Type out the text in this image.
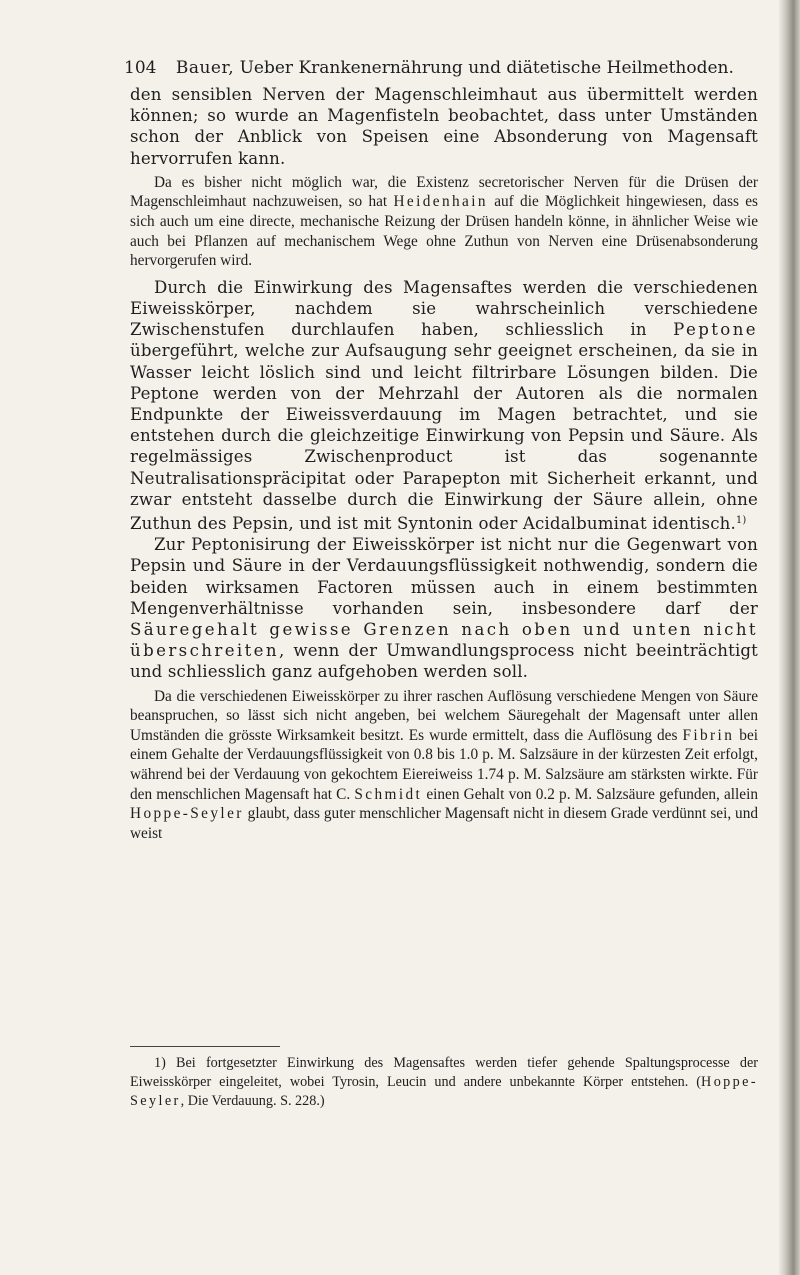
104 Bauer, Ueber Krankenernährung und diätetische Heilmethoden.

den sensiblen Nerven der Magenschleimhaut aus übermittelt werden können; so wurde an Magenfisteln beobachtet, dass unter Umständen schon der Anblick von Speisen eine Absonderung von Magensaft hervorrufen kann.

Da es bisher nicht möglich war, die Existenz secretorischer Nerven für die Drüsen der Magenschleimhaut nachzuweisen, so hat Heidenhain auf die Möglichkeit hingewiesen, dass es sich auch um eine directe, mechanische Reizung der Drüsen handeln könne, in ähnlicher Weise wie auch bei Pflanzen auf mechanischem Wege ohne Zuthun von Nerven eine Drüsenabsonderung hervorgerufen wird.

Durch die Einwirkung des Magensaftes werden die verschiedenen Eiweisskörper, nachdem sie wahrscheinlich verschiedene Zwischenstufen durchlaufen haben, schliesslich in Peptone übergeführt, welche zur Aufsaugung sehr geeignet erscheinen, da sie in Wasser leicht löslich sind und leicht filtrirbare Lösungen bilden. Die Peptone werden von der Mehrzahl der Autoren als die normalen Endpunkte der Eiweissverdauung im Magen betrachtet, und sie entstehen durch die gleichzeitige Einwirkung von Pepsin und Säure. Als regelmässiges Zwischenproduct ist das sogenannte Neutralisationspräcipitat oder Parapepton mit Sicherheit erkannt, und zwar entsteht dasselbe durch die Einwirkung der Säure allein, ohne Zuthun des Pepsin, und ist mit Syntonin oder Acidalbuminat identisch.$^{1)}$

Zur Peptonisirung der Eiweisskörper ist nicht nur die Gegenwart von Pepsin und Säure in der Verdauungsflüssigkeit nothwendig, sondern die beiden wirksamen Factoren müssen auch in einem bestimmten Mengenverhältnisse vorhanden sein, insbesondere darf der Säuregehalt gewisse Grenzen nach oben und unten nicht überschreiten, wenn der Umwandlungsprocess nicht beeinträchtigt und schliesslich ganz aufgehoben werden soll.

Da die verschiedenen Eiweisskörper zu ihrer raschen Auflösung verschiedene Mengen von Säure beanspruchen, so lässt sich nicht angeben, bei welchem Säuregehalt der Magensaft unter allen Umständen die grösste Wirksamkeit besitzt. Es wurde ermittelt, dass die Auflösung des Fibrin bei einem Gehalte der Verdauungsflüssigkeit von 0.8 bis 1.0 p. M. Salzsäure in der kürzesten Zeit erfolgt, während bei der Verdauung von gekochtem Eiereiweiss 1.74 p. M. Salzsäure am stärksten wirkte. Für den menschlichen Magensaft hat C. Schmidt einen Gehalt von 0.2 p. M. Salzsäure gefunden, allein Hoppe-Seyler glaubt, dass guter menschlicher Magensaft nicht in diesem Grade verdünnt sei, und weist

1) Bei fortgesetzter Einwirkung des Magensaftes werden tiefer gehende Spaltungsprocesse der Eiweisskörper eingeleitet, wobei Tyrosin, Leucin und andere unbekannte Körper entstehen. (Hoppe-Seyler, Die Verdauung. S. 228.)
